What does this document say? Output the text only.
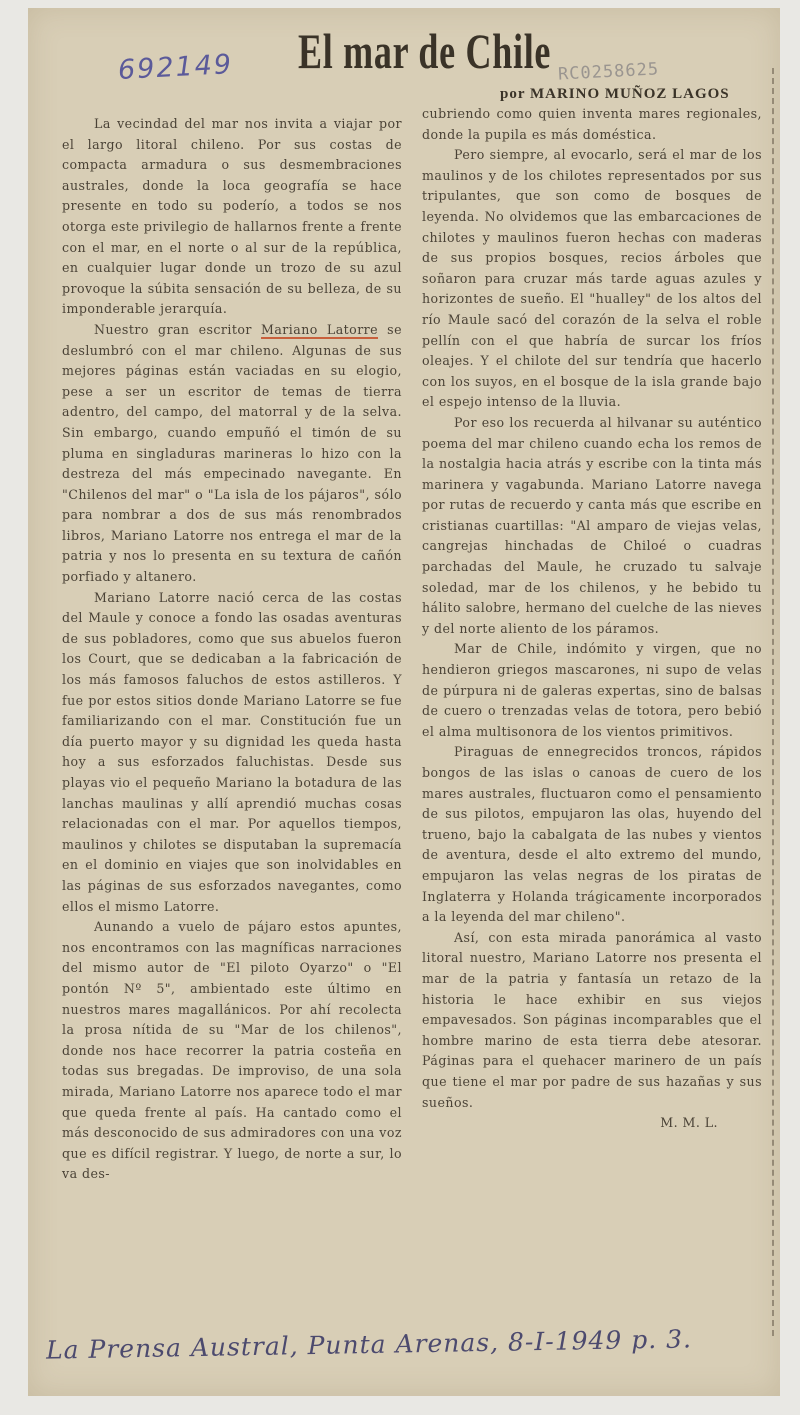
El mar de Chile
692149	RC0258625
por MARINO MUÑOZ LAGOS

La vecindad del mar nos invita a viajar por el largo litoral chileno. Por sus costas de compacta armadura o sus desmembraciones australes, donde la loca geografía se hace presente en todo su poderío, a todos se nos otorga este privilegio de hallarnos frente a frente con el mar, en el norte o al sur de la república, en cualquier lugar donde un trozo de su azul provoque la súbita sensación de su belleza, de su imponderable jerarquía.

Nuestro gran escritor Mariano Latorre se deslumbró con el mar chileno. Algunas de sus mejores páginas están vaciadas en su elogio, pese a ser un escritor de temas de tierra adentro, del campo, del matorral y de la selva. Sin embargo, cuando empuñó el timón de su pluma en singladuras marineras lo hizo con la destreza del más empecinado navegante. En "Chilenos del mar" o "La isla de los pájaros", sólo para nombrar a dos de sus más renombrados libros, Mariano Latorre nos entrega el mar de la patria y nos lo presenta en su textura de cañón porfiado y altanero.

Mariano Latorre nació cerca de las costas del Maule y conoce a fondo las osadas aventuras de sus pobladores, como que sus abuelos fueron los Court, que se dedicaban a la fabricación de los más famosos faluchos de estos astilleros. Y fue por estos sitios donde Mariano Latorre se fue familiarizando con el mar. Constitución fue un día puerto mayor y su dignidad les queda hasta hoy a sus esforzados faluchistas. Desde sus playas vio el pequeño Mariano la botadura de las lanchas maulinas y allí aprendió muchas cosas relacionadas con el mar. Por aquellos tiempos, maulinos y chilotes se disputaban la supremacía en el dominio en viajes que son inolvidables en las páginas de sus esforzados navegantes, como ellos el mismo Latorre.

Aunando a vuelo de pájaro estos apuntes, nos encontramos con las magníficas narraciones del mismo autor de "El piloto Oyarzo" o "El pontón Nº 5", ambientado este último en nuestros mares magallánicos. Por ahí recolecta la prosa nítida de su "Mar de los chilenos", donde nos hace recorrer la patria costeña en todas sus bregadas. De improviso, de una sola mirada, Mariano Latorre nos aparece todo el mar que queda frente al país. Ha cantado como el más desconocido de sus admiradores con una voz que es difícil registrar. Y luego, de norte a sur, lo va des-

cubriendo como quien inventa mares regionales, donde la pupila es más doméstica.

Pero siempre, al evocarlo, será el mar de los maulinos y de los chilotes representados por sus tripulantes, que son como de bosques de leyenda. No olvidemos que las embarcaciones de chilotes y maulinos fueron hechas con maderas de sus propios bosques, recios árboles que soñaron para cruzar más tarde aguas azules y horizontes de sueño. El "hualley" de los altos del río Maule sacó del corazón de la selva el roble pellín con el que habría de surcar los fríos oleajes. Y el chilote del sur tendría que hacerlo con los suyos, en el bosque de la isla grande bajo el espejo intenso de la lluvia.

Por eso los recuerda al hilvanar su auténtico poema del mar chileno cuando echa los remos de la nostalgia hacia atrás y escribe con la tinta más marinera y vagabunda. Mariano Latorre navega por rutas de recuerdo y canta más que escribe en cristianas cuartillas: "Al amparo de viejas velas, cangrejas hinchadas de Chiloé o cuadras parchadas del Maule, he cruzado tu salvaje soledad, mar de los chilenos, y he bebido tu hálito salobre, hermano del cuelche de las nieves y del norte aliento de los páramos.

Mar de Chile, indómito y virgen, que no hendieron griegos mascarones, ni supo de velas de púrpura ni de galeras expertas, sino de balsas de cuero o trenzadas velas de totora, pero bebió el alma multisonora de los vientos primitivos.

Piraguas de ennegrecidos troncos, rápidos bongos de las islas o canoas de cuero de los mares australes, fluctuaron como el pensamiento de sus pilotos, empujaron las olas, huyendo del trueno, bajo la cabalgata de las nubes y vientos de aventura, desde el alto extremo del mundo, empujaron las velas negras de los piratas de Inglaterra y Holanda trágicamente incorporados a la leyenda del mar chileno".

Así, con esta mirada panorámica al vasto litoral nuestro, Mariano Latorre nos presenta el mar de la patria y fantasía un retazo de la historia le hace exhibir en sus viejos empavesados. Son páginas incomparables que el hombre marino de esta tierra debe atesorar. Páginas para el quehacer marinero de un país que tiene el mar por padre de sus hazañas y sus sueños.

M. M. L.

La Prensa Austral, Punta Arenas, 8-I-1949 p. 3.
